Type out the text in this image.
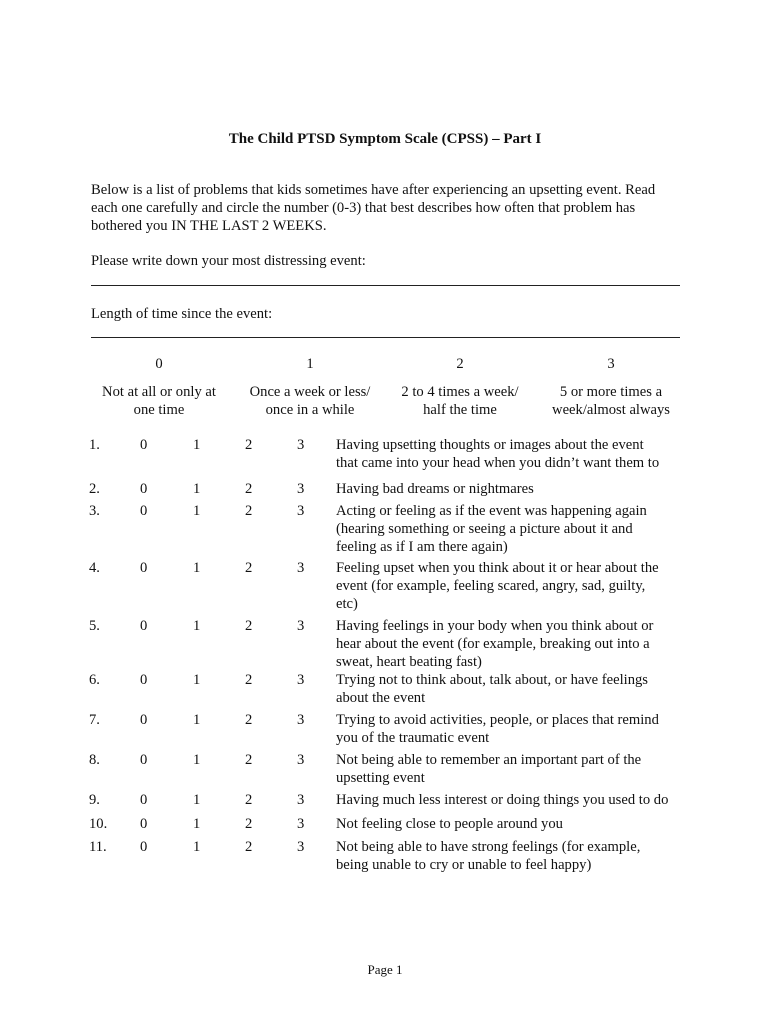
The Child PTSD Symptom Scale (CPSS) – Part I
Below is a list of problems that kids sometimes have after experiencing an upsetting event. Read
each one carefully and circle the number (0-3) that best describes how often that problem has
bothered you IN THE LAST 2 WEEKS.
Please write down your most distressing event:
Length of time since the event:
0	1	2	3
Not at all or only at
one time
Once a week or less/
once in a while
2 to 4 times a week/
half the time
5 or more times a
week/almost always
1.	0	1	2	3 Having upsetting thoughts or images about the event
that came into your head when you didn’t want them to
2.	0	1	2	3 Having bad dreams or nightmares
3.	0	1	2	3 Acting or feeling as if the event was happening again
(hearing something or seeing a picture about it and
feeling as if I am there again)
4.	0	1	2	3 Feeling upset when you think about it or hear about the
event (for example, feeling scared, angry, sad, guilty,
etc)
5.	0	1	2	3 Having feelings in your body when you think about or
hear about the event (for example, breaking out into a
sweat, heart beating fast)
6.	0	1	2	3 Trying not to think about, talk about, or have feelings
about the event
7.	0	1	2	3 Trying to avoid activities, people, or places that remind
you of the traumatic event
8.	0	1	2	3 Not being able to remember an important part of the
upsetting event
9.	0	1	2	3 Having much less interest or doing things you used to do
10.	0	1	2	3 Not feeling close to people around you
11.	0	1	2	3 Not being able to have strong feelings (for example,
being unable to cry or unable to feel happy)
Page 1
